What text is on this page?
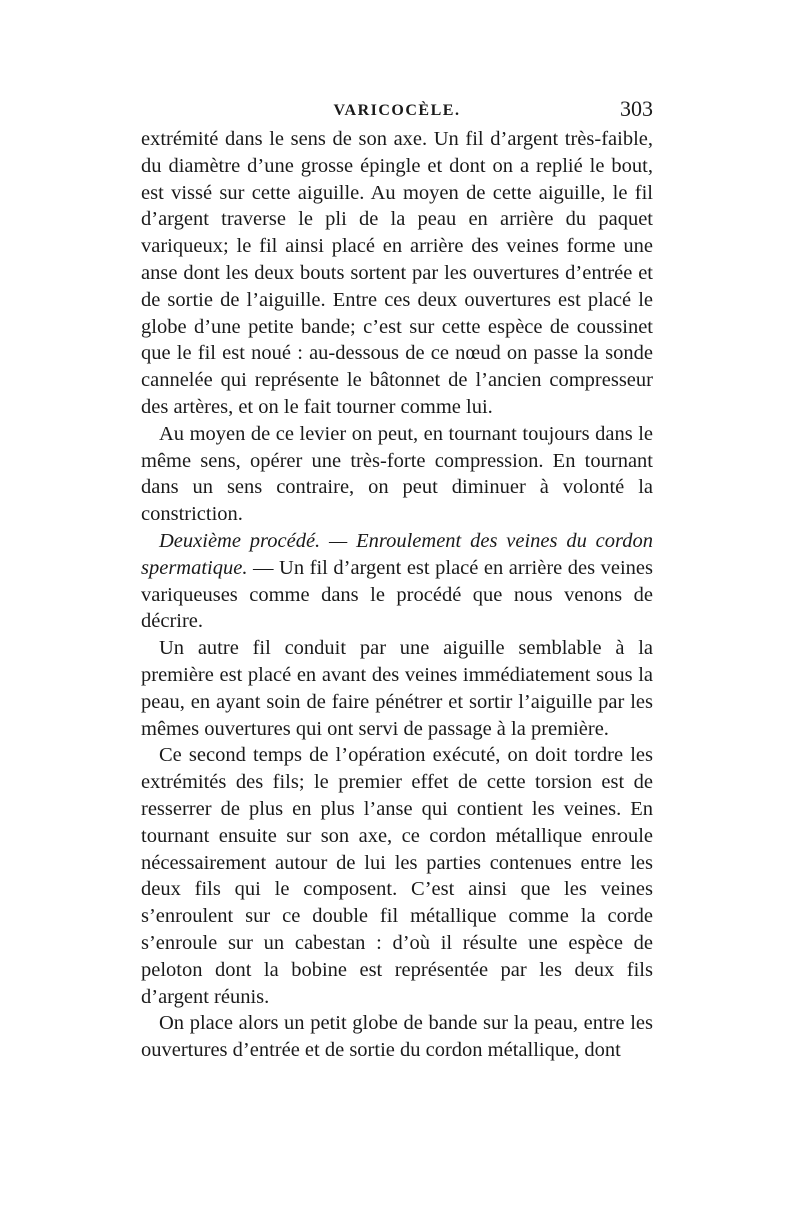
VARICOCÈLE.	303

extrémité dans le sens de son axe. Un fil d’argent très-faible, du diamètre d’une grosse épingle et dont on a replié le bout, est vissé sur cette aiguille. Au moyen de cette aiguille, le fil d’argent traverse le pli de la peau en arrière du paquet variqueux; le fil ainsi placé en arrière des veines forme une anse dont les deux bouts sortent par les ouvertures d’entrée et de sortie de l’aiguille. Entre ces deux ouvertures est placé le globe d’une petite bande; c’est sur cette espèce de coussinet que le fil est noué : au-dessous de ce nœud on passe la sonde cannelée qui représente le bâtonnet de l’ancien compresseur des artères, et on le fait tourner comme lui.

Au moyen de ce levier on peut, en tournant toujours dans le même sens, opérer une très-forte compression. En tournant dans un sens contraire, on peut diminuer à volonté la constriction.

Deuxième procédé. — Enroulement des veines du cordon spermatique. — Un fil d’argent est placé en arrière des veines variqueuses comme dans le procédé que nous venons de décrire.

Un autre fil conduit par une aiguille semblable à la première est placé en avant des veines immédiatement sous la peau, en ayant soin de faire pénétrer et sortir l’aiguille par les mêmes ouvertures qui ont servi de passage à la première.

Ce second temps de l’opération exécuté, on doit tordre les extrémités des fils; le premier effet de cette torsion est de resserrer de plus en plus l’anse qui contient les veines. En tournant ensuite sur son axe, ce cordon métallique enroule nécessairement autour de lui les parties contenues entre les deux fils qui le composent. C’est ainsi que les veines s’enroulent sur ce double fil métallique comme la corde s’enroule sur un cabestan : d’où il résulte une espèce de peloton dont la bobine est représentée par les deux fils d’argent réunis.

On place alors un petit globe de bande sur la peau, entre les ouvertures d’entrée et de sortie du cordon métallique, dont
